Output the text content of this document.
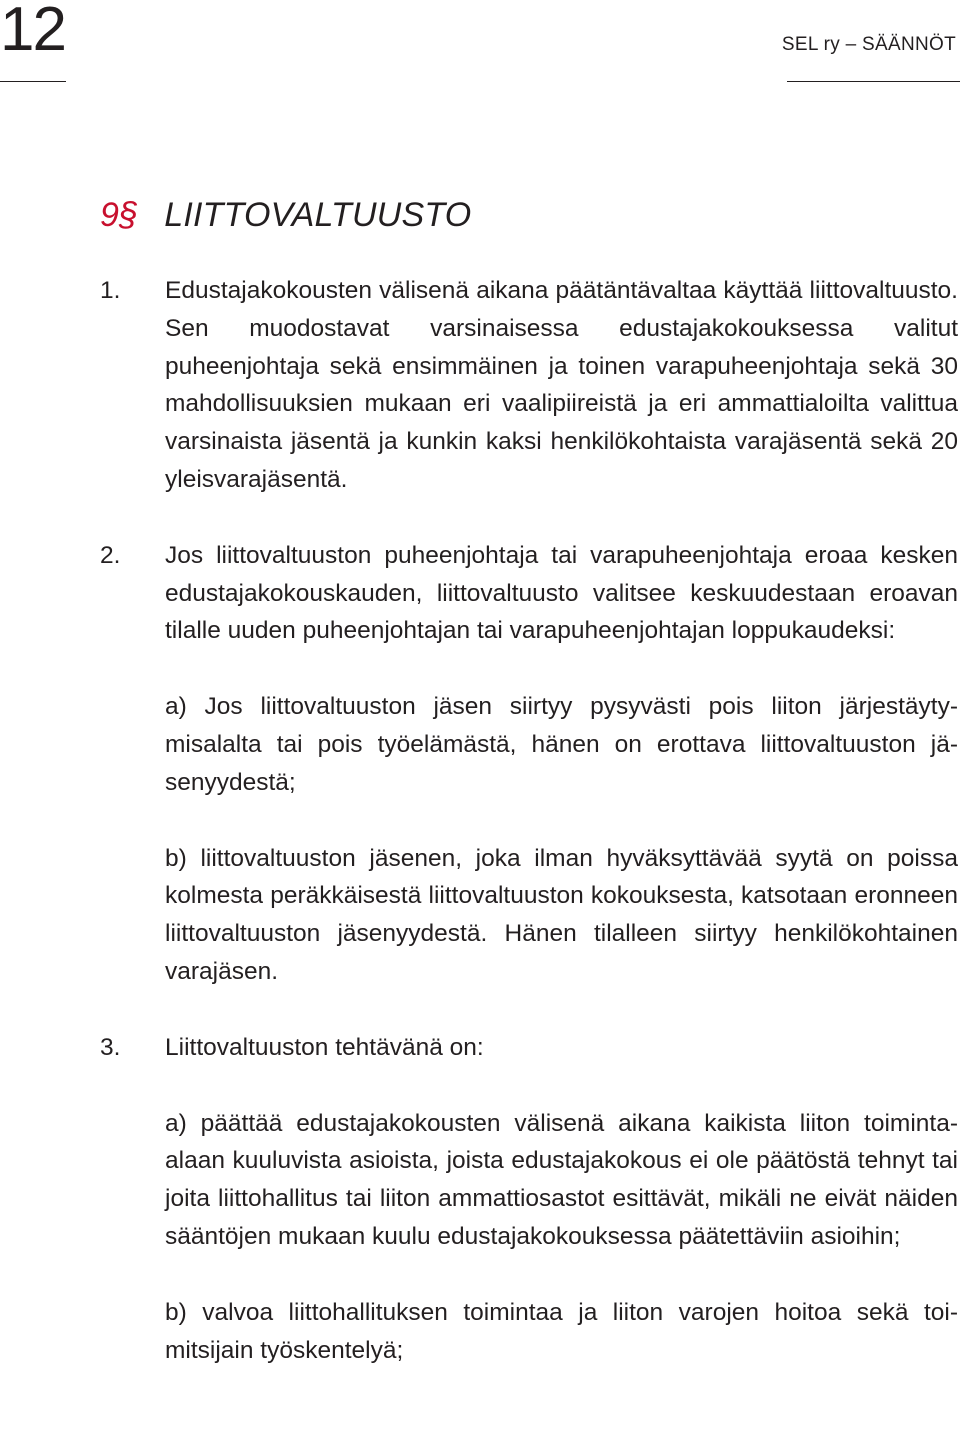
12	SEL ry – SÄÄNNÖT
9§ LIITTOVALTUUSTO
1. Edustajakokousten välisenä aikana päätäntävaltaa käyttää liittovaltuusto. Sen muodostavat varsinaisessa edustajakokouksessa valitut puheenjohtaja sekä ensimmäinen ja toinen varapuheenjohtaja sekä 30 mahdollisuuksien mukaan eri vaalipiireistä ja eri ammattialoilta valittua varsinaista jäsentä ja kunkin kaksi henkilökohtaista varajäsentä sekä 20 yleisvarajäsentä.

2. Jos liittovaltuuston puheenjohtaja tai varapuheenjohtaja eroaa kesken edustajakokouskauden, liittovaltuusto valitsee keskuudestaan eroavan tilalle uuden puheenjohtajan tai varapuheenjohtajan loppukaudeksi:

a) Jos liittovaltuuston jäsen siirtyy pysyvästi pois liiton järjestäytymisalalta tai pois työelämästä, hänen on erottava liittovaltuuston jäsenyydestä;

b) liittovaltuuston jäsenen, joka ilman hyväksyttävää syytä on poissa kolmesta peräkkäisestä liittovaltuuston kokouksesta, katsotaan eronneen liittovaltuuston jäsenyydestä. Hänen tilalleen siirtyy henkilökohtainen varajäsen.

3. Liittovaltuuston tehtävänä on:

a) päättää edustajakokousten välisenä aikana kaikista liiton toimintaalaan kuuluvista asioista, joista edustajakokous ei ole päätöstä tehnyt tai joita liittohallitus tai liiton ammattiosastot esittävät, mikäli ne eivät näiden sääntöjen mukaan kuulu edustajakokouksessa päätettäviin asioihin;

b) valvoa liittohallituksen toimintaa ja liiton varojen hoitoa sekä toimitsijain työskentelyä;
